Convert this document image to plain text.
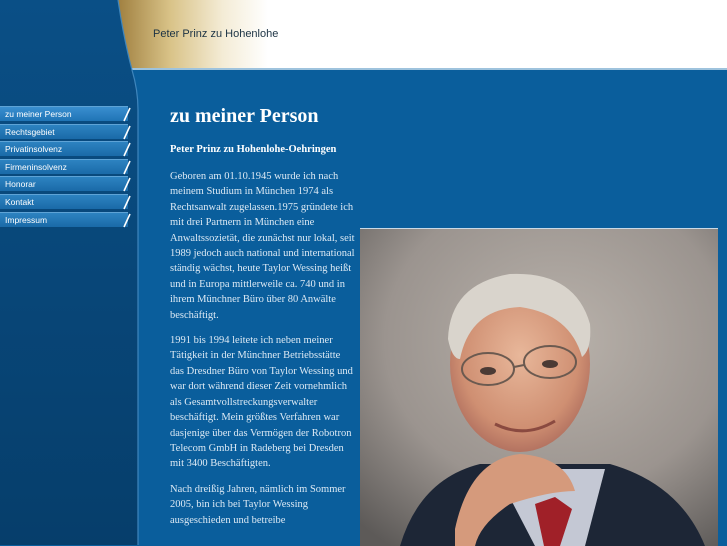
Peter Prinz zu Hohenlohe
zu meiner Person
Rechtsgebiet
Privatinsolvenz
Firmeninsolvenz
Honorar
Kontakt
Impressum
zu meiner Person

Peter Prinz zu Hohenlohe-Oehringen

Geboren am 01.10.1945 wurde ich nach meinem Studium in München 1974 als Rechtsanwalt zugelassen.1975 gründete ich mit drei Partnern in München eine Anwaltssozietät, die zunächst nur lokal, seit 1989 jedoch auch national und international ständig wächst, heute Taylor Wessing heißt und in Europa mittlerweile ca. 740 und in ihrem Münchner Büro über 80 Anwälte beschäftigt.

1991 bis 1994 leitete ich neben meiner Tätigkeit in der Münchner Betriebsstätte das Dresdner Büro von Taylor Wessing und war dort während dieser Zeit vornehmlich als Gesamtvollstreckungsverwalter beschäftigt. Mein größtes Verfahren war dasjenige über das Vermögen der Robotron Telecom GmbH in Radeberg bei Dresden mit 3400 Beschäftigten.

Nach dreißig Jahren, nämlich im Sommer 2005, bin ich bei Taylor Wessing ausgeschieden und betreibe
